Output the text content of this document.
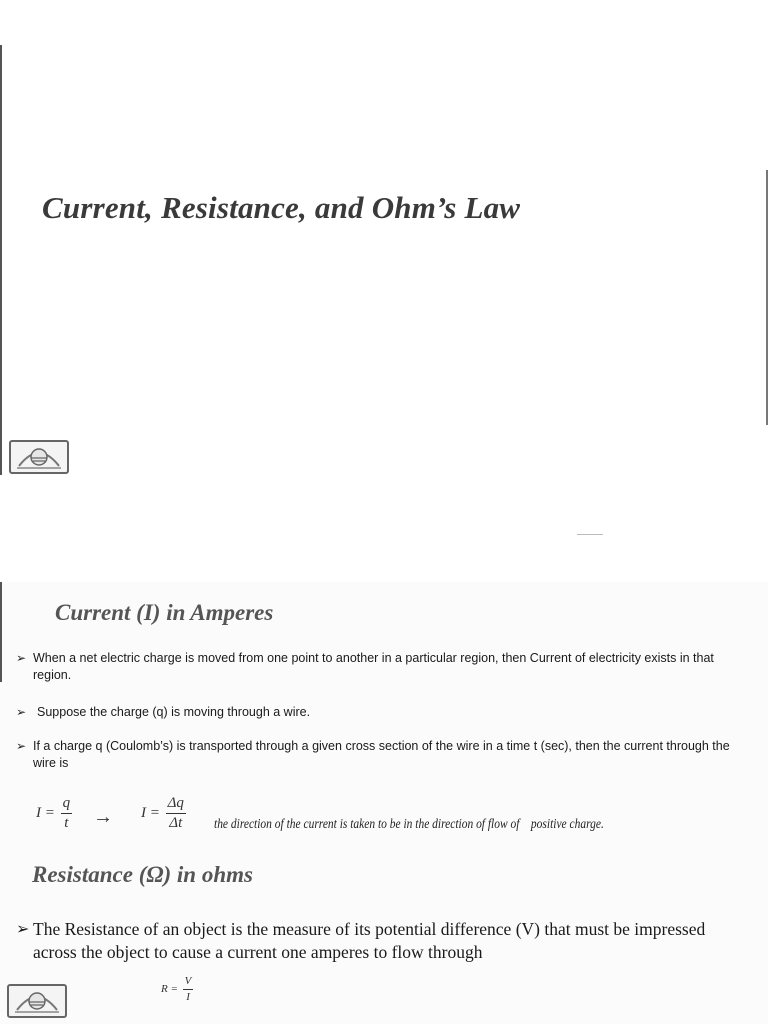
Current, Resistance, and Ohm’s Law
Current (I) in Amperes
➢ When a net electric charge is moved from one point to another in a particular region, then Current of electricity exists in that region.
➢ Suppose the charge (q) is moving through a wire.
➢ If a charge q (Coulomb’s) is transported through a given cross section of the wire in a time t (sec), then the current through the wire is
$I = \frac{q}{t} \to I = \frac{\Delta q}{\Delta t}$ the direction of the current is taken to be in the direction of flow of positive charge.
Resistance (Ω) in ohms
➢ The Resistance of an object is the measure of its potential difference (V) that must be impressed across the object to cause a current one amperes to flow through
$R = \frac{V}{I}$
